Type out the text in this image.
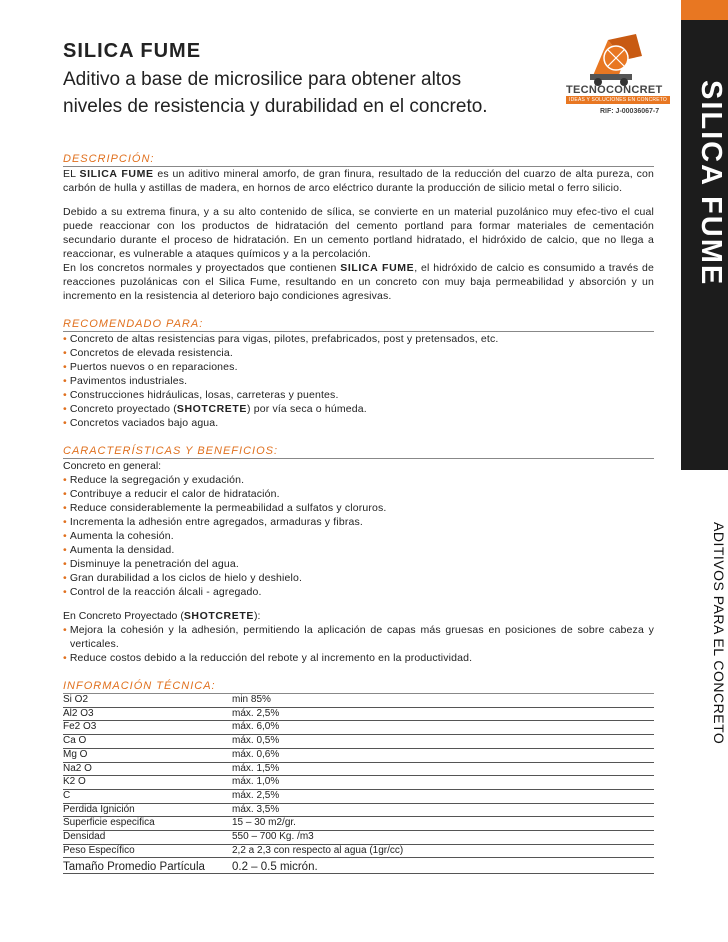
SILICA FUME
ADITIVOS PARA EL CONCRETO
SILICA FUME
Aditivo a base de microsilice para obtener altos
niveles de resistencia y durabilidad en el concreto.
TECNOCONCRET
IDEAS Y SOLUCIONES EN CONCRETO
RIF: J-00036067-7
DESCRIPCIÓN:

EL SILICA FUME es un aditivo mineral amorfo, de gran finura, resultado de la reducción del cuarzo de alta pureza, con carbón de hulla y astillas de madera, en hornos de arco eléctrico durante la producción de silicio metal o ferro silicio.

Debido a su extrema finura, y a su alto contenido de sílica, se convierte en un material puzolánico muy efec-tivo el cual puede reaccionar con los productos de hidratación del cemento portland para formar materiales de cementación secundario durante el proceso de hidratación. En un cemento portland hidratado, el hidróxido de calcio, que no llega a reaccionar, es vulnerable a ataques químicos y a la percolación.

En los concretos normales y proyectados que contienen SILICA FUME, el hidróxido de calcio es consumido a través de reacciones puzolánicas con el Silica Fume, resultando en un concreto con muy baja permeabilidad y absorción y un incremento en la resistencia al deterioro bajo condiciones agresivas.

RECOMENDADO PARA:
• Concreto de altas resistencias para vigas, pilotes, prefabricados, post y pretensados, etc.
• Concretos de elevada resistencia.
• Puertos nuevos o en reparaciones.
• Pavimentos industriales.
• Construcciones hidráulicas, losas, carreteras y puentes.
• Concreto proyectado (SHOTCRETE) por vía seca o húmeda.
• Concretos vaciados bajo agua.
CARACTERÍSTICAS Y BENEFICIOS:
Concreto en general:
• Reduce la segregación y exudación.
• Contribuye a reducir el calor de hidratación.
• Reduce considerablemente la permeabilidad a sulfatos y cloruros.
• Incrementa la adhesión entre agregados, armaduras y fibras.
• Aumenta la cohesión.
• Aumenta la densidad.
• Disminuye la penetración del agua.
• Gran durabilidad a los ciclos de hielo y deshielo.
• Control de la reacción álcali - agregado.
En Concreto Proyectado (SHOTCRETE):
• Mejora la cohesión y la adhesión, permitiendo la aplicación de capas más gruesas en posiciones de sobre cabeza y verticales.
• Reduce costos debido a la reducción del rebote y al incremento en la productividad.
INFORMACIÓN TÉCNICA:
Si O2	min 85%
Al2 O3	máx. 2,5%
Fe2 O3	máx. 6,0%
Ca O	máx. 0,5%
Mg O	máx. 0,6%
Na2 O	máx. 1,5%
K2 O	máx. 1,0%
C	máx. 2,5%
Perdida Ignición	máx. 3,5%
Superficie especifica	15 – 30 m2/gr.
Densidad	550 – 700 Kg. /m3
Peso Específico	2,2 a 2,3 con respecto al agua (1gr/cc)
Tamaño Promedio Partícula	0.2 – 0.5 micrón.
